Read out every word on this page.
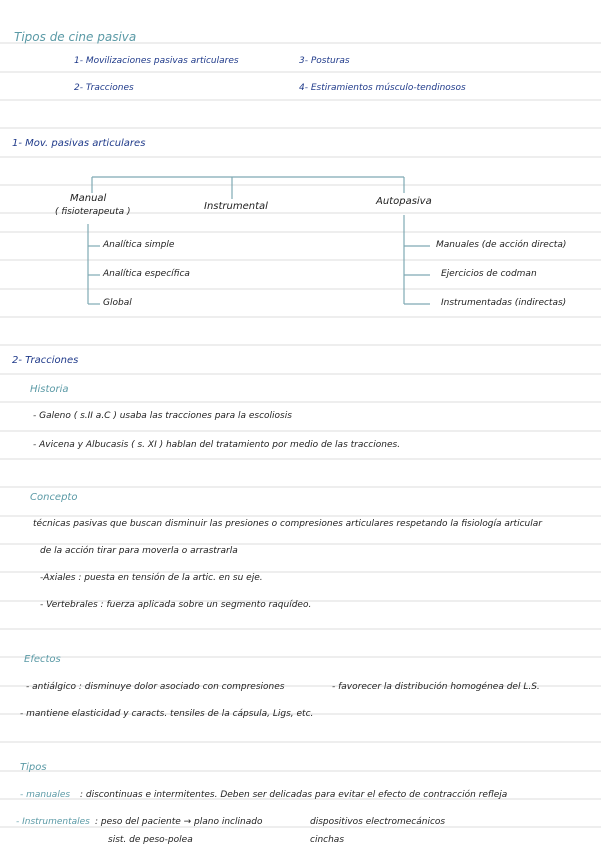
Tipos de cine pasiva
1- Movilizaciones pasivas articulares
2- Tracciones
3- Posturas
4- Estiramientos músculo-tendinosos
1- Mov. pasivas articulares
Manual
( fisioterapeuta )	Instrumental	Autopasiva
Analítica simple
Analítica específica
Global
Manuales (de acción directa)
Ejercicios de codman
Instrumentadas (indirectas)
2- Tracciones
Historia
- Galeno ( s.II a.C ) usaba las tracciones para la escoliosis
- Avicena y Albucasis ( s. XI ) hablan del tratamiento por medio de las tracciones.
Concepto
técnicas pasivas que buscan disminuir las presiones o compresiones articulares respetando la fisiología articular
de la acción tirar para moverla o arrastrarla
-Axiales : puesta en tensión de la artic. en su eje.
- Vertebrales : fuerza aplicada sobre un segmento raquídeo.
Efectos
- antiálgico : disminuye dolor asociado con compresiones	- favorecer la distribución homogénea del L.S.
- mantiene elasticidad y caracts. tensiles de la cápsula, Ligs, etc.
Tipos
- manuales : discontinuas e intermitentes. Deben ser delicadas para evitar el efecto de contracción refleja
- Instrumentales : peso del paciente → plano inclinado
sist. de peso-polea
dispositivos electromecánicos
cinchas
